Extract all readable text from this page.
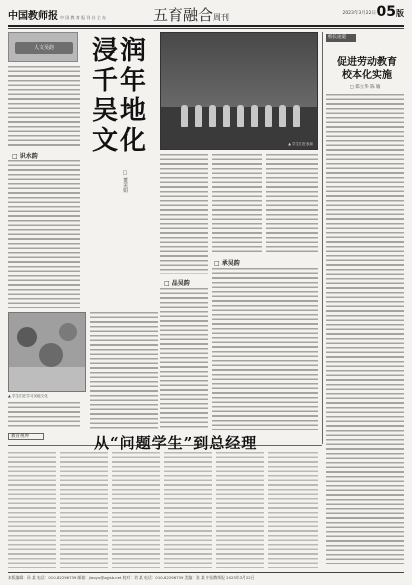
中国教师报 中 国 教 育 报 刊 社 主 办	五育融合周刊	2023年3月22日 05版
人文吴韵
□ 识水韵
▲ 学生们在学习吴地文化
浸润千年吴地文化
□ 董美娟
▲ 学生们在表演
□ 承吴韵
□ 品吴韵
校长论道
促进劳动教育
校本化实施
□ 郑立华 陈 敏
教育视界	从“问题学生”到总经理
本版编辑：孙 某 电话：010-82296739 邮箱：jiaoyu@zgjsb.net 校对：刘 某 电话：010-82296739 美编：张 某 中国教师报 2023年3月22日
